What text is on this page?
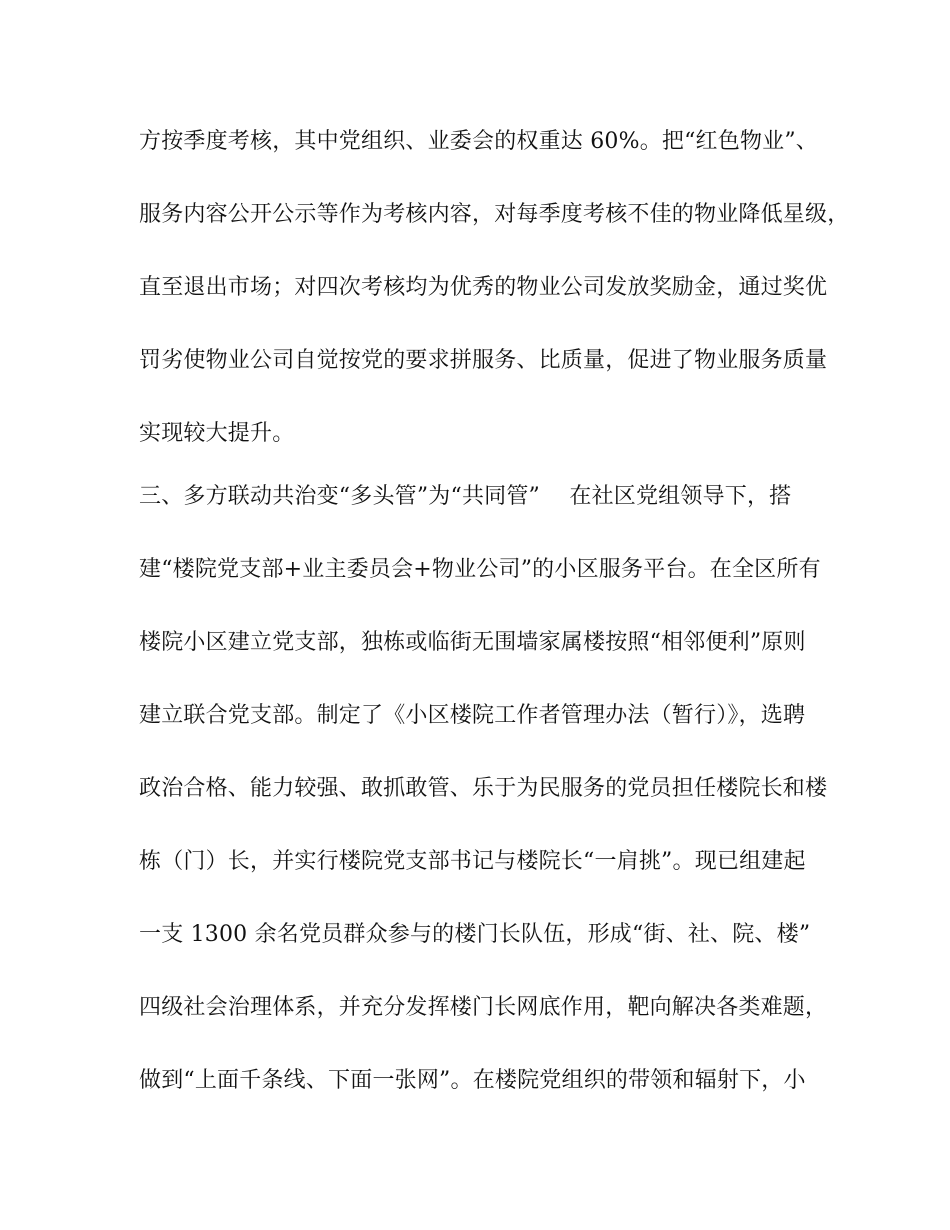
方按季度考核，其中党组织、业委会的权重达 60%。把“红色物业”、
服务内容公开公示等作为考核内容，对每季度考核不佳的物业降低星级，
直至退出市场；对四次考核均为优秀的物业公司发放奖励金，通过奖优
罚劣使物业公司自觉按党的要求拼服务、比质量，促进了物业服务质量
实现较大提升。
三、多方联动共治变“多头管”为“共同管”　 在社区党组领导下，搭
建“楼院党支部+业主委员会+物业公司”的小区服务平台。在全区所有
楼院小区建立党支部，独栋或临街无围墙家属楼按照“相邻便利”原则
建立联合党支部。制定了《小区楼院工作者管理办法（暂行）》，选聘
政治合格、能力较强、敢抓敢管、乐于为民服务的党员担任楼院长和楼
栋（门）长，并实行楼院党支部书记与楼院长“一肩挑”。现已组建起
一支 1300 余名党员群众参与的楼门长队伍，形成“街、社、院、楼”
四级社会治理体系，并充分发挥楼门长网底作用，靶向解决各类难题，
做到“上面千条线、下面一张网”。在楼院党组织的带领和辐射下，小
